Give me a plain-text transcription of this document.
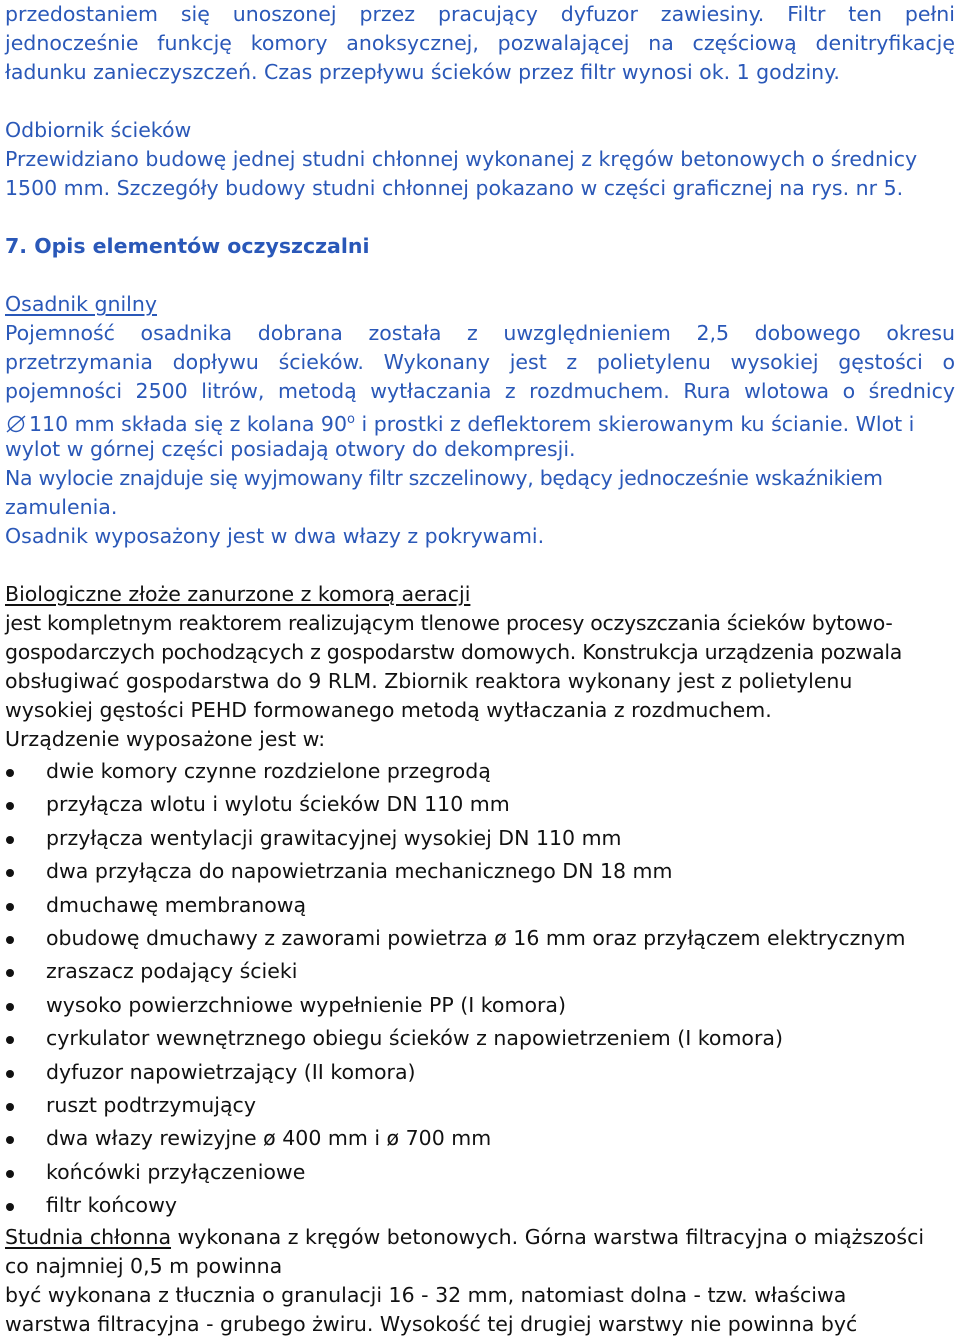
przedostaniem się unoszonej przez pracujący dyfuzor zawiesiny. Filtr ten pełni
jednocześnie funkcję komory anoksycznej, pozwalającej na częściową denitryfikację
ładunku zanieczyszczeń. Czas przepływu ścieków przez filtr wynosi ok. 1 godziny.
Odbiornik ścieków
Przewidziano budowę jednej studni chłonnej wykonanej z kręgów betonowych o średnicy
1500 mm. Szczegóły budowy studni chłonnej pokazano w części graficznej na rys. nr 5.
7. Opis elementów oczyszczalni
Osadnik gnilny
Pojemność osadnika dobrana została z uwzględnieniem 2,5 dobowego okresu
przetrzymania dopływu ścieków. Wykonany jest z polietylenu wysokiej gęstości o
pojemności 2500 litrów, metodą wytłaczania z rozdmuchem. Rura wlotowa o średnicy
110 mm składa się z kolana 90$^o$ i prostki z deflektorem skierowanym ku ścianie. Wlot i
wylot w górnej części posiadają otwory do dekompresji.
Na wylocie znajduje się wyjmowany filtr szczelinowy, będący jednocześnie wskaźnikiem
zamulenia.
Osadnik wyposażony jest w dwa włazy z pokrywami.
Biologiczne złoże zanurzone z komorą aeracji
jest kompletnym reaktorem realizującym tlenowe procesy oczyszczania ścieków bytowo-
gospodarczych pochodzących z gospodarstw domowych. Konstrukcja urządzenia pozwala
obsługiwać gospodarstwa do 9 RLM. Zbiornik reaktora wykonany jest z polietylenu
wysokiej gęstości PEHD formowanego metodą wytłaczania z rozdmuchem.
Urządzenie wyposażone jest w:
dwie komory czynne rozdzielone przegrodą
przyłącza wlotu i wylotu ścieków DN 110 mm
przyłącza wentylacji grawitacyjnej wysokiej DN 110 mm
dwa przyłącza do napowietrzania mechanicznego DN 18 mm
dmuchawę membranową
obudowę dmuchawy z zaworami powietrza ø 16 mm oraz przyłączem elektrycznym
zraszacz podający ścieki
wysoko powierzchniowe wypełnienie PP (I komora)
cyrkulator wewnętrznego obiegu ścieków z napowietrzeniem (I komora)
dyfuzor napowietrzający (II komora)
ruszt podtrzymujący
dwa włazy rewizyjne ø 400 mm i ø 700 mm
końcówki przyłączeniowe
filtr końcowy
Studnia chłonna wykonana z kręgów betonowych. Górna warstwa filtracyjna o miąższości
co najmniej 0,5 m powinna
być wykonana z tłucznia o granulacji 16 - 32 mm, natomiast dolna - tzw. właściwa
warstwa filtracyjna - grubego żwiru. Wysokość tej drugiej warstwy nie powinna być
